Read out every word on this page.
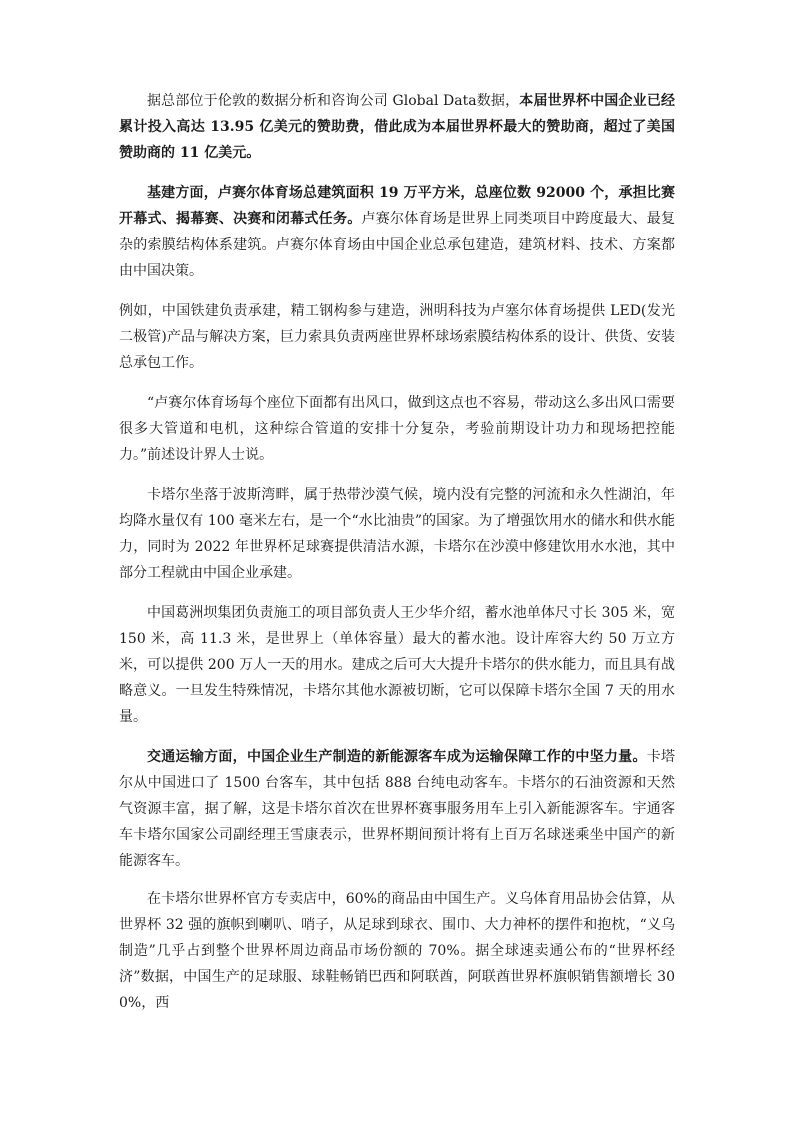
据总部位于伦敦的数据分析和咨询公司 Global Data数据，本届世界杯中国企业已经累计投入高达 13.95 亿美元的赞助费，借此成为本届世界杯最大的赞助商，超过了美国赞助商的 11 亿美元。

基建方面，卢赛尔体育场总建筑面积 19 万平方米，总座位数 92000 个，承担比赛开幕式、揭幕赛、决赛和闭幕式任务。卢赛尔体育场是世界上同类项目中跨度最大、最复杂的索膜结构体系建筑。卢赛尔体育场由中国企业总承包建造，建筑材料、技术、方案都由中国决策。

例如，中国铁建负责承建，精工钢构参与建造，洲明科技为卢塞尔体育场提供 LED(发光二极管)产品与解决方案，巨力索具负责两座世界杯球场索膜结构体系的设计、供货、安装总承包工作。

“卢赛尔体育场每个座位下面都有出风口，做到这点也不容易，带动这么多出风口需要很多大管道和电机，这种综合管道的安排十分复杂，考验前期设计功力和现场把控能力。”前述设计界人士说。

卡塔尔坐落于波斯湾畔，属于热带沙漠气候，境内没有完整的河流和永久性湖泊，年均降水量仅有 100 毫米左右，是一个“水比油贵”的国家。为了增强饮用水的储水和供水能力，同时为 2022 年世界杯足球赛提供清洁水源，卡塔尔在沙漠中修建饮用水水池，其中部分工程就由中国企业承建。

中国葛洲坝集团负责施工的项目部负责人王少华介绍，蓄水池单体尺寸长 305 米，宽 150 米，高 11.3 米，是世界上（单体容量）最大的蓄水池。设计库容大约 50 万立方米，可以提供 200 万人一天的用水。建成之后可大大提升卡塔尔的供水能力，而且具有战略意义。一旦发生特殊情况，卡塔尔其他水源被切断，它可以保障卡塔尔全国 7 天的用水量。

交通运输方面，中国企业生产制造的新能源客车成为运输保障工作的中坚力量。卡塔尔从中国进口了 1500 台客车，其中包括 888 台纯电动客车。卡塔尔的石油资源和天然气资源丰富，据了解，这是卡塔尔首次在世界杯赛事服务用车上引入新能源客车。宇通客车卡塔尔国家公司副经理王雪康表示，世界杯期间预计将有上百万名球迷乘坐中国产的新能源客车。

在卡塔尔世界杯官方专卖店中，60%的商品由中国生产。义乌体育用品协会估算，从世界杯 32 强的旗帜到喇叭、哨子，从足球到球衣、围巾、大力神杯的摆件和抱枕，“义乌制造”几乎占到整个世界杯周边商品市场份额的 70%。据全球速卖通公布的“世界杯经济”数据，中国生产的足球服、球鞋畅销巴西和阿联酋，阿联酋世界杯旗帜销售额增长 300%，西
